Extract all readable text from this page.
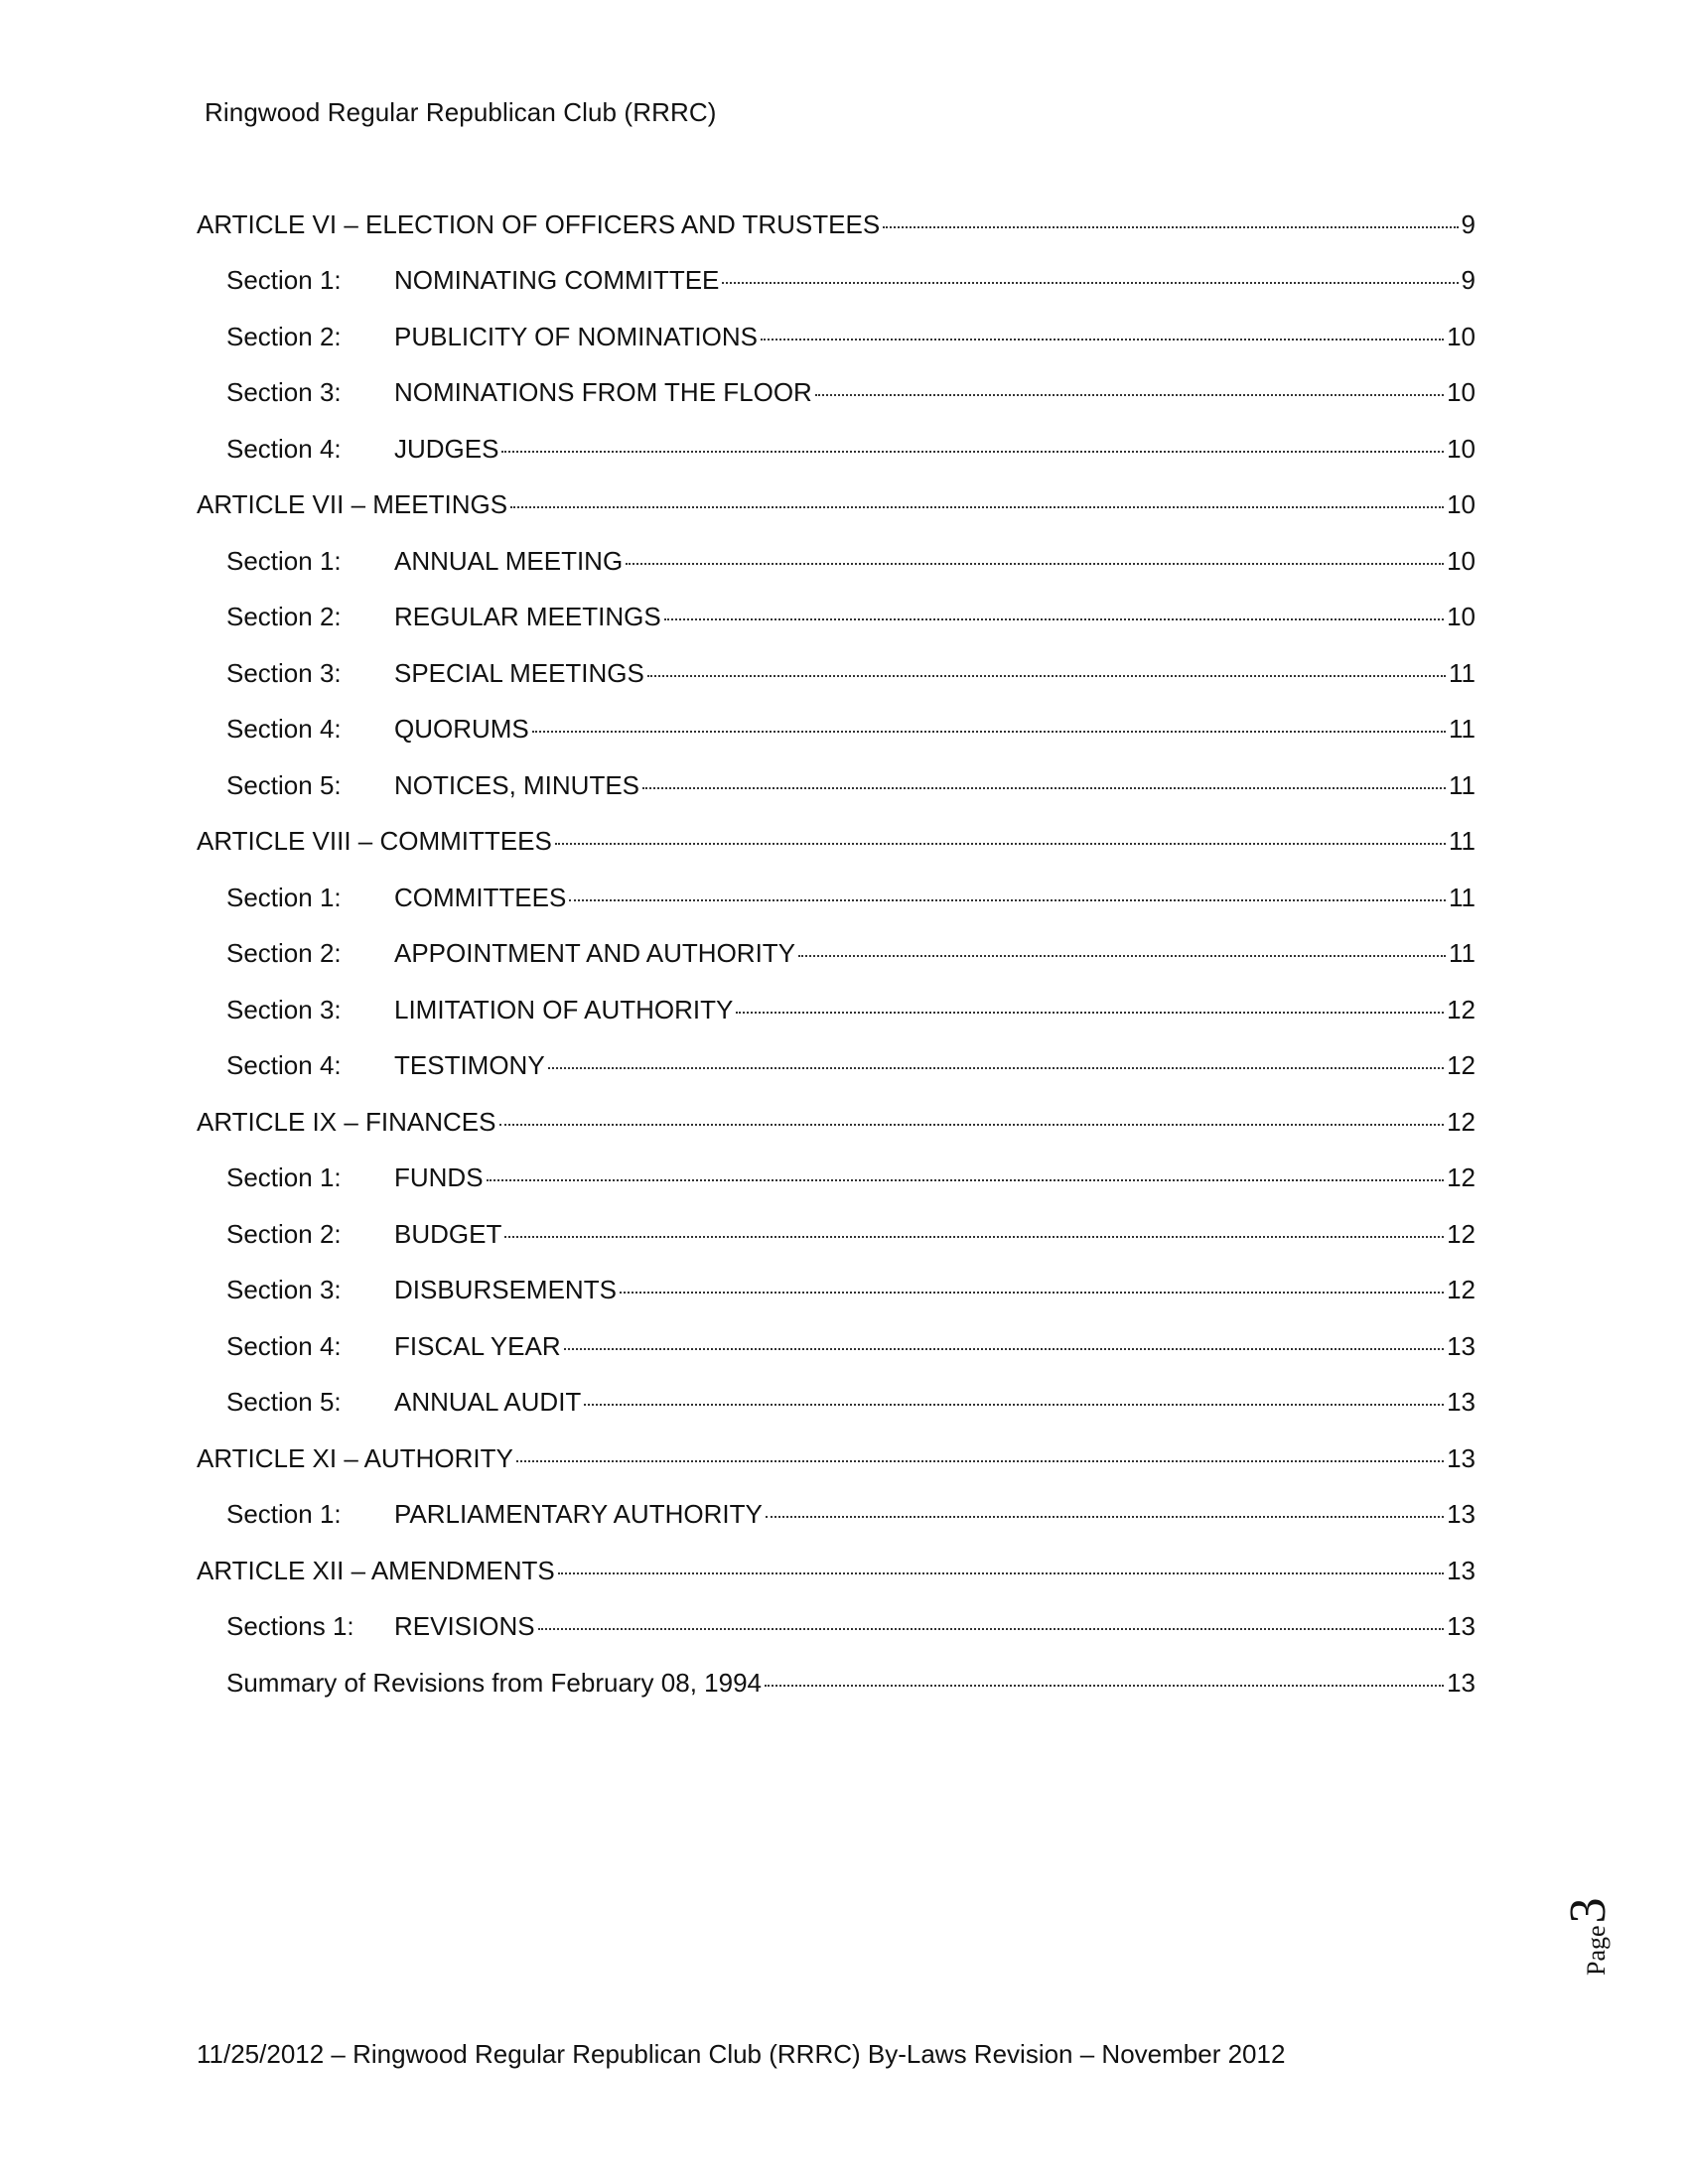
Ringwood Regular Republican Club (RRRC)
ARTICLE VI – ELECTION OF OFFICERS AND TRUSTEES	9
Section 1:	NOMINATING COMMITTEE	9
Section 2:	PUBLICITY OF NOMINATIONS	10
Section 3:	NOMINATIONS FROM THE FLOOR	10
Section 4:	JUDGES	10
ARTICLE VII – MEETINGS	10
Section 1:	ANNUAL MEETING	10
Section 2:	REGULAR MEETINGS	10
Section 3:	SPECIAL MEETINGS	11
Section 4:	QUORUMS	11
Section 5:	NOTICES, MINUTES	11
ARTICLE VIII – COMMITTEES	11
Section 1:	COMMITTEES	11
Section 2:	APPOINTMENT AND AUTHORITY	11
Section 3:	LIMITATION OF AUTHORITY	12
Section 4:	TESTIMONY	12
ARTICLE IX – FINANCES	12
Section 1:	FUNDS	12
Section 2:	BUDGET	12
Section 3:	DISBURSEMENTS	12
Section 4:	FISCAL YEAR	13
Section 5:	ANNUAL AUDIT	13
ARTICLE XI – AUTHORITY	13
Section 1:	PARLIAMENTARY AUTHORITY	13
ARTICLE XII – AMENDMENTS	13
Sections 1:	REVISIONS	13
Summary of Revisions from February 08, 1994	13
Page
3
11/25/2012 – Ringwood Regular Republican Club (RRRC) By-Laws Revision – November 2012
